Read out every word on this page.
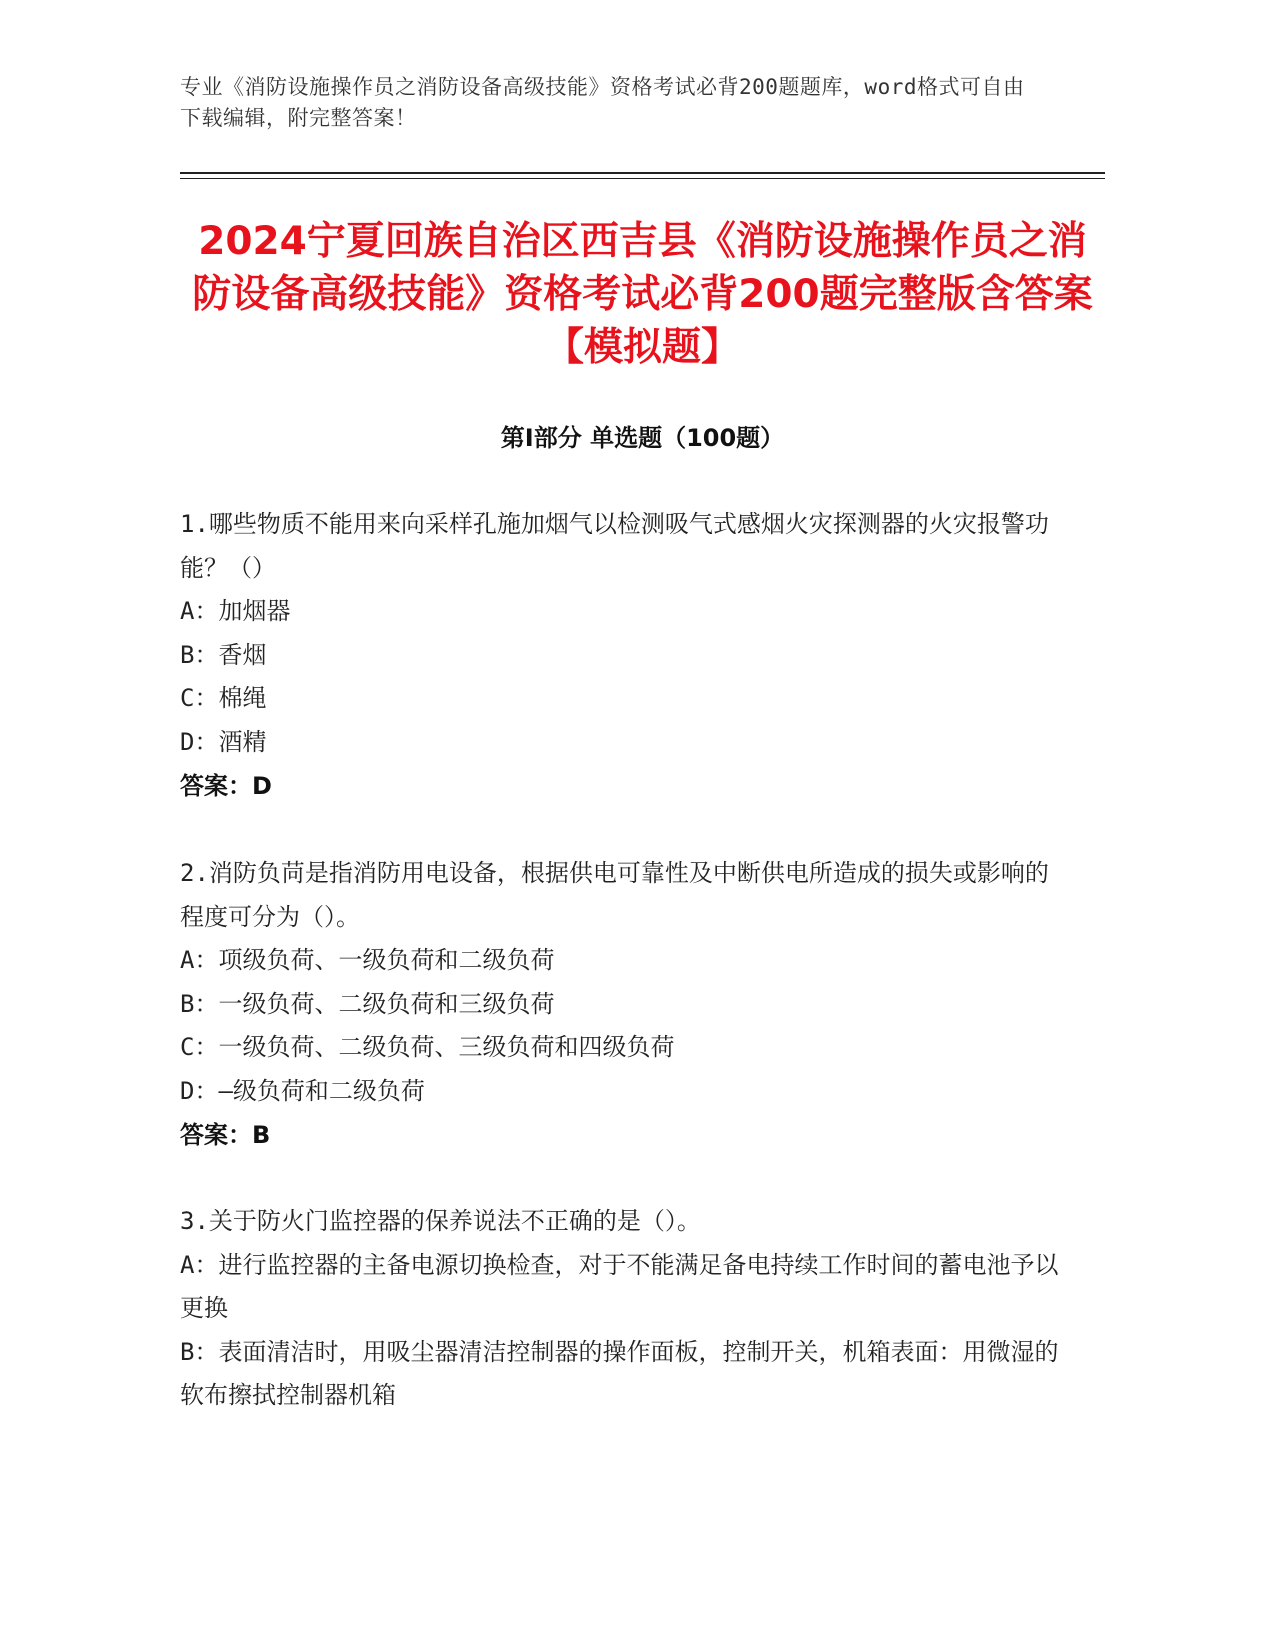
专业《消防设施操作员之消防设备高级技能》资格考试必背200题题库，word格式可自由下载编辑，附完整答案！
2024宁夏回族自治区西吉县《消防设施操作员之消防设备高级技能》资格考试必背200题完整版含答案【模拟题】
第Ⅰ部分 单选题（100题）
1.哪些物质不能用来向采样孔施加烟气以检测吸气式感烟火灾探测器的火灾报警功能？（）
A：加烟器
B：香烟
C：棉绳
D：酒精
答案：D
2.消防负苘是指消防用电设备，根据供电可靠性及中断供电所造成的损失或影响的程度可分为（）。
A：项级负荷、一级负荷和二级负荷
B：一级负荷、二级负荷和三级负荷
C：一级负荷、二级负荷、三级负荷和四级负荷
D：—级负荷和二级负荷
答案：B
3.关于防火门监控器的保养说法不正确的是（）。
A：进行监控器的主备电源切换检查，对于不能满足备电持续工作时间的蓄电池予以更换
B：表面清洁时，用吸尘器清洁控制器的操作面板，控制开关，机箱表面：用微湿的软布擦拭控制器机箱
